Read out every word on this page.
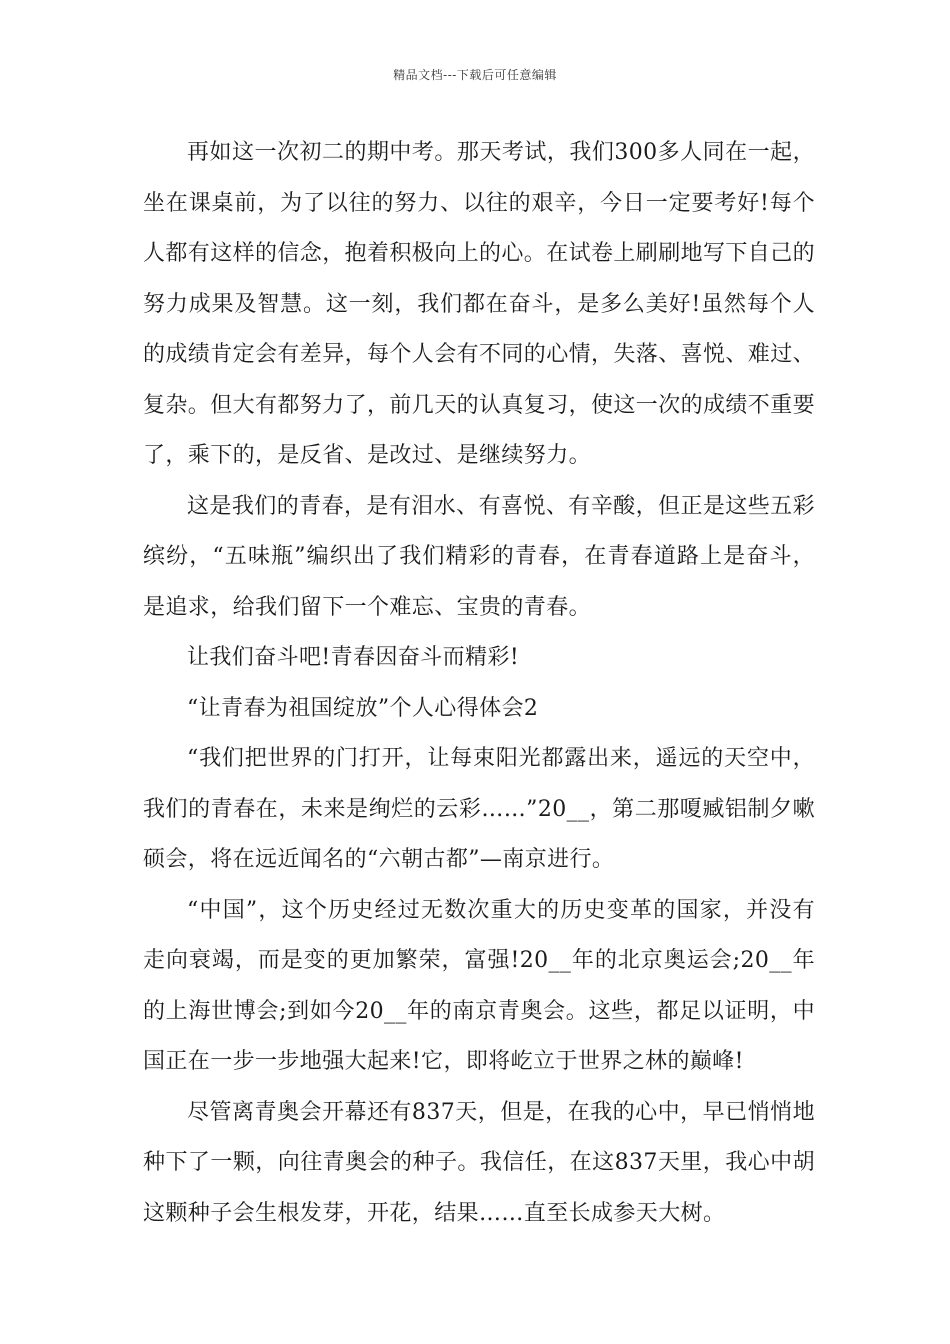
精品文档---下载后可任意编辑

再如这一次初二的期中考。那天考试，我们300多人同在一起，坐在课桌前，为了以往的努力、以往的艰辛，今日一定要考好!每个人都有这样的信念，抱着积极向上的心。在试卷上刷刷地写下自己的努力成果及智慧。这一刻，我们都在奋斗，是多么美好!虽然每个人的成绩肯定会有差异，每个人会有不同的心情，失落、喜悦、难过、复杂。但大有都努力了，前几天的认真复习，使这一次的成绩不重要了，乘下的，是反省、是改过、是继续努力。

这是我们的青春，是有泪水、有喜悦、有辛酸，但正是这些五彩缤纷，“五味瓶”编织出了我们精彩的青春，在青春道路上是奋斗，是追求，给我们留下一个难忘、宝贵的青春。

让我们奋斗吧!青春因奋斗而精彩!

“让青春为祖国绽放”个人心得体会2

“我们把世界的门打开，让每束阳光都露出来，遥远的天空中，我们的青春在，未来是绚烂的云彩……”20__，第二那嗄臧铝制夕嗽硕会，将在远近闻名的“六朝古都”—南京进行。

“中国”，这个历史经过无数次重大的历史变革的国家，并没有走向衰竭，而是变的更加繁荣，富强!20__年的北京奥运会;20__年的上海世博会;到如今20__年的南京青奥会。这些，都足以证明，中国正在一步一步地强大起来!它，即将屹立于世界之林的巅峰!

尽管离青奥会开幕还有837天，但是，在我的心中，早已悄悄地种下了一颗，向往青奥会的种子。我信任，在这837天里，我心中胡这颗种子会生根发芽，开花，结果……直至长成参天大树。
